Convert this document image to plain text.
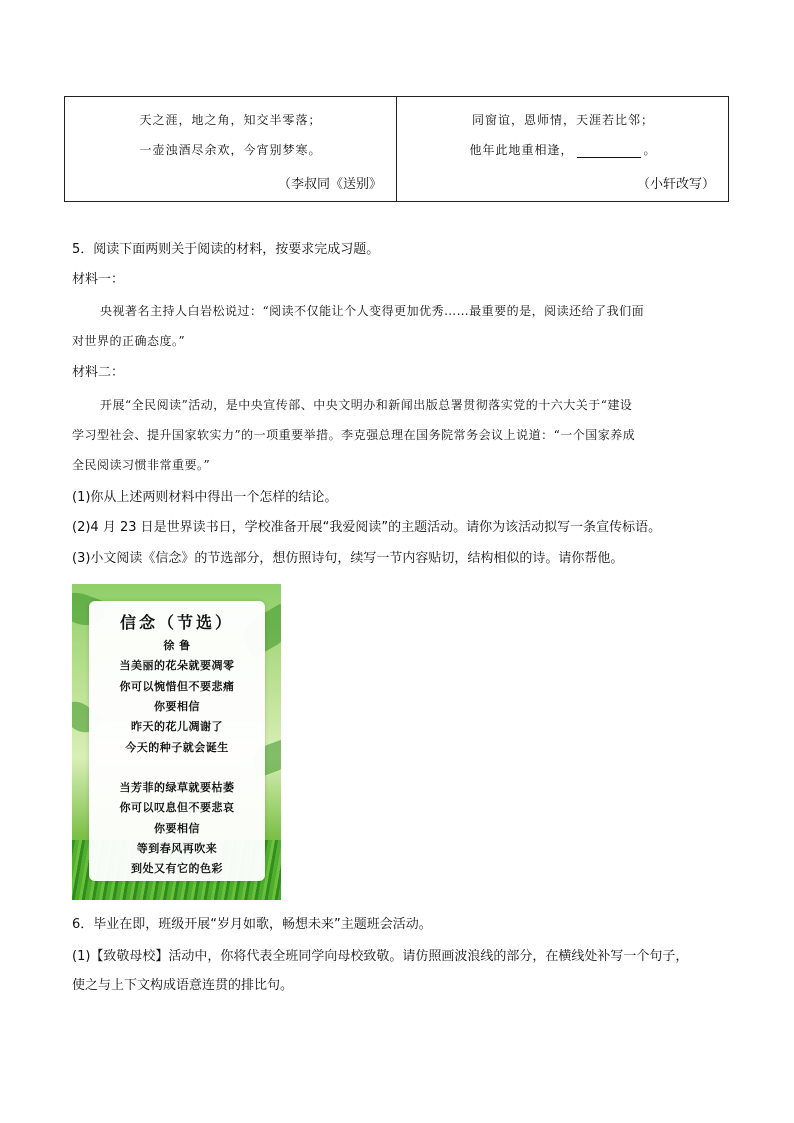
天之涯，地之角，知交半零落；
一壶浊酒尽余欢，今宵别梦寒。
（李叔同《送别》
同窗谊，恩师情，天涯若比邻；
他年此地重相逢，	。
（小轩改写）
5．阅读下面两则关于阅读的材料，按要求完成习题。
材料一：
央视著名主持人白岩松说过：“阅读不仅能让个人变得更加优秀……最重要的是，阅读还给了我们面
对世界的正确态度。”
材料二：
开展“全民阅读”活动，是中央宣传部、中央文明办和新闻出版总署贯彻落实党的十六大关于“建设
学习型社会、提升国家软实力”的一项重要举措。李克强总理在国务院常务会议上说道：“一个国家养成
全民阅读习惯非常重要。”
(1)你从上述两则材料中得出一个怎样的结论。
(2)4 月 23 日是世界读书日，学校准备开展“我爱阅读”的主题活动。请你为该活动拟写一条宣传标语。
(3)小文阅读《信念》的节选部分，想仿照诗句，续写一节内容贴切，结构相似的诗。请你帮他。
信念（节选）
徐 鲁
当美丽的花朵就要凋零
你可以惋惜但不要悲痛
你要相信
昨天的花儿凋谢了
今天的种子就会诞生
当芳菲的绿草就要枯萎
你可以叹息但不要悲哀
你要相信
等到春风再吹来
到处又有它的色彩
6．毕业在即，班级开展“岁月如歌，畅想未来”主题班会活动。
(1)【致敬母校】活动中，你将代表全班同学向母校致敬。请仿照画波浪线的部分，在横线处补写一个句子，
使之与上下文构成语意连贯的排比句。
